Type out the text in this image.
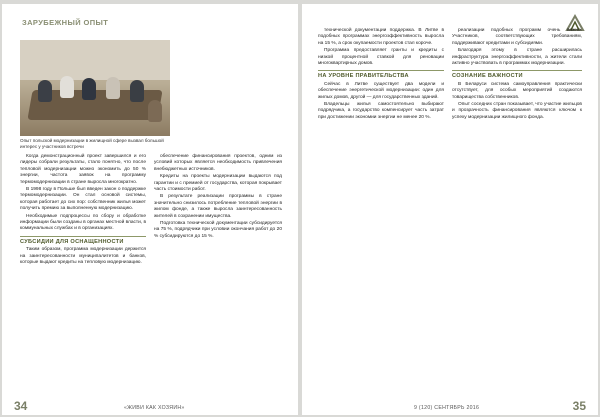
ЗАРУБЕЖНЫЙ ОПЫТ
Опыт польской модернизации в жилищной сфере вызвал большой интерес у участников встречи

Когда демонстрационный проект завершился и его лидеры собрали результаты, стало понятно, что после тепловой модернизации можно экономить до 50 % энергии, частота заявок на программу термомодернизации в стране выросла многократно.

В 1998 году в Польше был введен закон о поддержке термомодернизации. Он стал основой системы, которая работает до сих пор: собственник жилья может получить премию за выполненную модернизацию.

Необходимые подпроцессы по сбору и обработке информации были созданы в органах местной власти, в коммунальных службах и в организациях.

СУБСИДИИ ДЛЯ ОСНАЩЕННОСТИ

Таким образом, программа модернизации держится на заинтересованности муниципалитетов и банков, которые выдают кредиты на тепловую модернизацию.

обеспечение финансирования проектов, одним из условий которых является необходимость привлечения внебюджетных источников.

Кредиты на проекты модернизации выдаются под гарантии и с премией от государства, которая покрывает часть стоимости работ.

В результате реализации программы в стране значительно снизилось потребление тепловой энергии в жилом фонде, а также выросла заинтересованность жителей в сохранении имущества.

Подготовка технической документации субсидируется на 75 %, подрядчики при условии окончания работ до 20 % субсидируются до 15 %.

34	«ЖИВИ КАК ХОЗЯИН»

технической документации поддержка. В Литве в подобных программах энергоэффективность выросла на 15 %, а срок окупаемости проектов стал короче.

Программа предоставляет гранты и кредиты с низкой процентной ставкой для реновации многоквартирных домов.

НА УРОВНЕ ПРАВИТЕЛЬСТВА

Сейчас в Литве существует два модели и обеспечение энергетической модернизации: один для жилых домов, другой — для государственных зданий.

Владельцы жилья самостоятельно выбирают подрядчика, а государство компенсирует часть затрат при достижении экономии энергии не менее 20 %.

реализации подобных программ очень важно. Участников, соответствующих требованиям, поддерживают кредитами и субсидиями.

Благодаря этому в стране расширилась инфраструктура энергоэффективности, а жители стали активно участвовать в программах модернизации.

СОЗНАНИЕ ВАЖНОСТИ

В Беларуси система самоуправления практически отсутствует, для особых мероприятий создаются товарищества собственников.

Опыт соседних стран показывает, что участие жильцов и прозрачность финансирования являются ключом к успеху модернизации жилищного фонда.

9 (120) СЕНТЯБРЬ 2016	35
